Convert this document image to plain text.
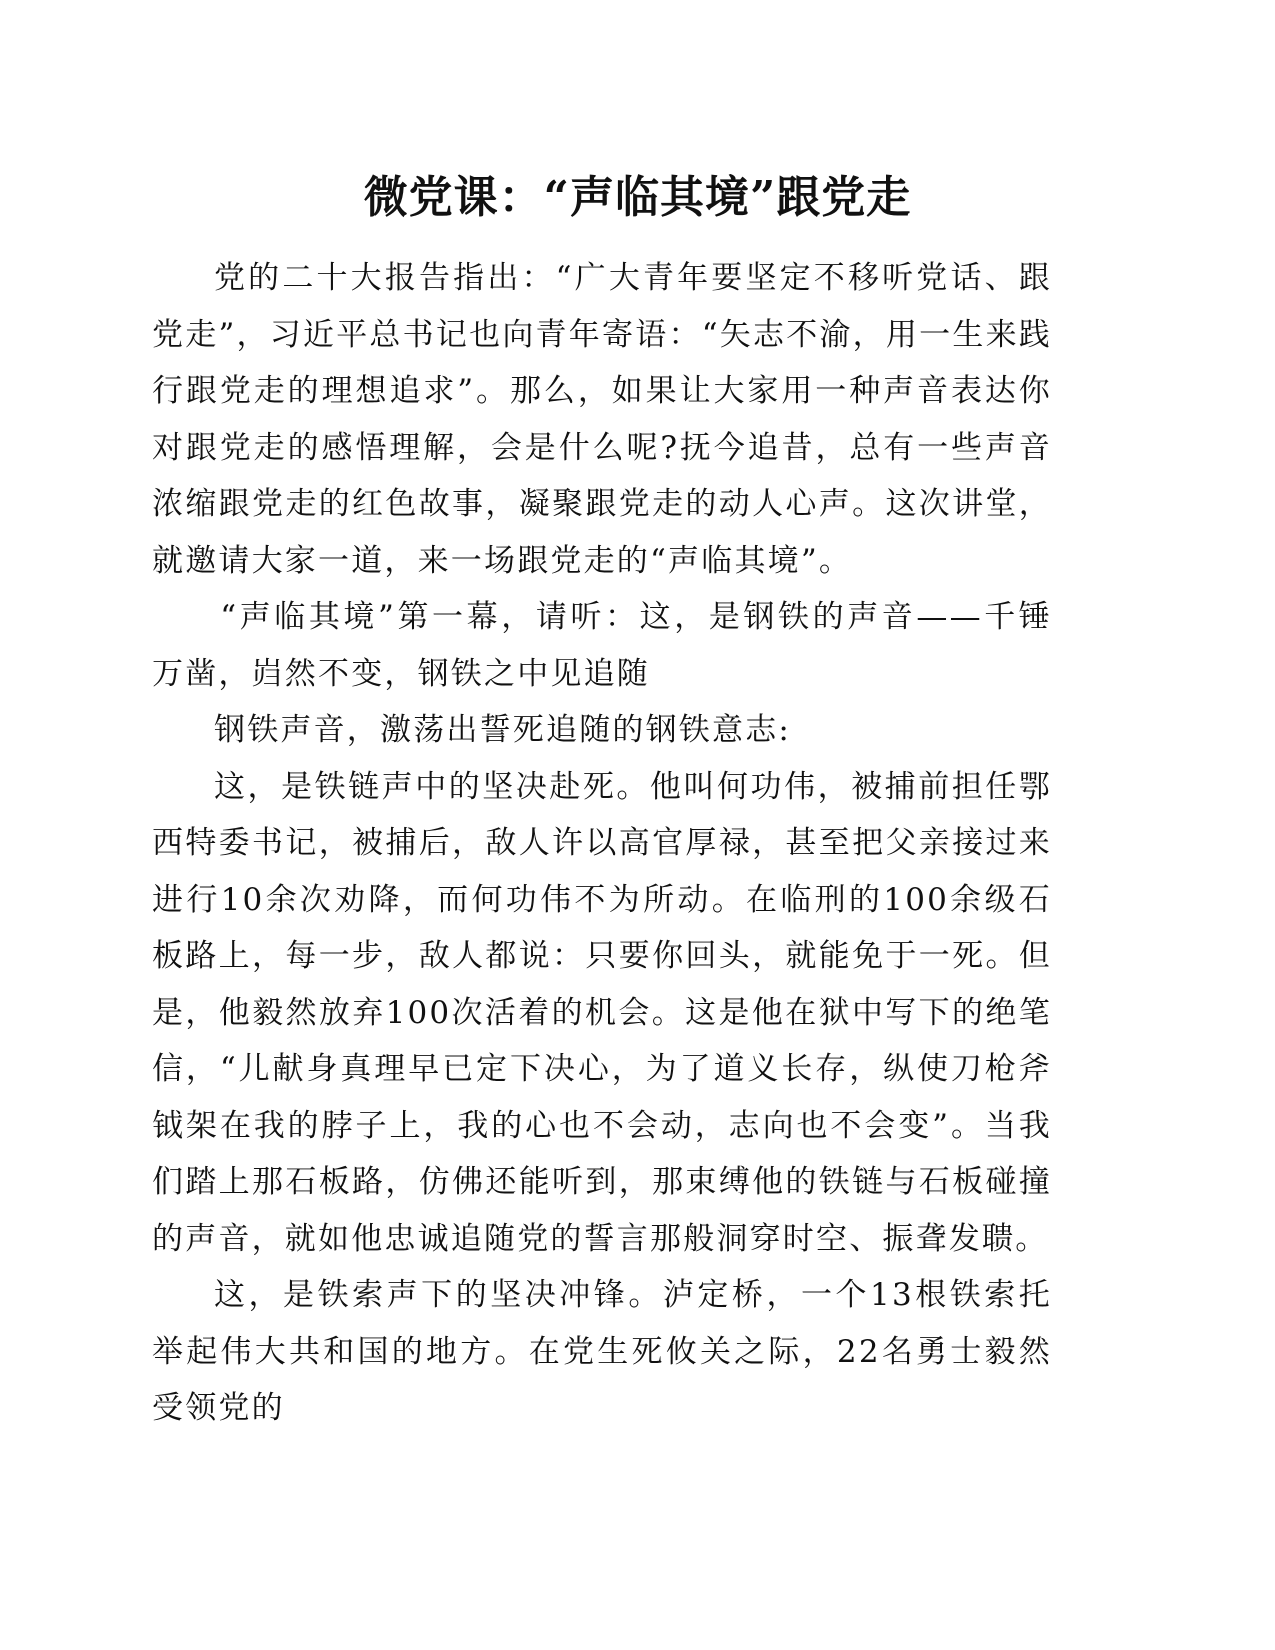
微党课：“声临其境”跟党走

党的二十大报告指出：“广大青年要坚定不移听党话、跟党走”，习近平总书记也向青年寄语：“矢志不渝，用一生来践行跟党走的理想追求”。那么，如果让大家用一种声音表达你对跟党走的感悟理解，会是什么呢?抚今追昔，总有一些声音浓缩跟党走的红色故事，凝聚跟党走的动人心声。这次讲堂，就邀请大家一道，来一场跟党走的“声临其境”。

“声临其境”第一幕，请听：这，是钢铁的声音——千锤万凿，岿然不变，钢铁之中见追随

钢铁声音，激荡出誓死追随的钢铁意志:

这，是铁链声中的坚决赴死。他叫何功伟，被捕前担任鄂西特委书记，被捕后，敌人许以高官厚禄，甚至把父亲接过来进行10余次劝降，而何功伟不为所动。在临刑的100余级石板路上，每一步，敌人都说：只要你回头，就能免于一死。但是，他毅然放弃100次活着的机会。这是他在狱中写下的绝笔信，“儿献身真理早已定下决心，为了道义长存，纵使刀枪斧钺架在我的脖子上，我的心也不会动，志向也不会变”。当我们踏上那石板路，仿佛还能听到，那束缚他的铁链与石板碰撞的声音，就如他忠诚追随党的誓言那般洞穿时空、振聋发聩。

这，是铁索声下的坚决冲锋。泸定桥，一个13根铁索托举起伟大共和国的地方。在党生死攸关之际，22名勇士毅然受领党的
